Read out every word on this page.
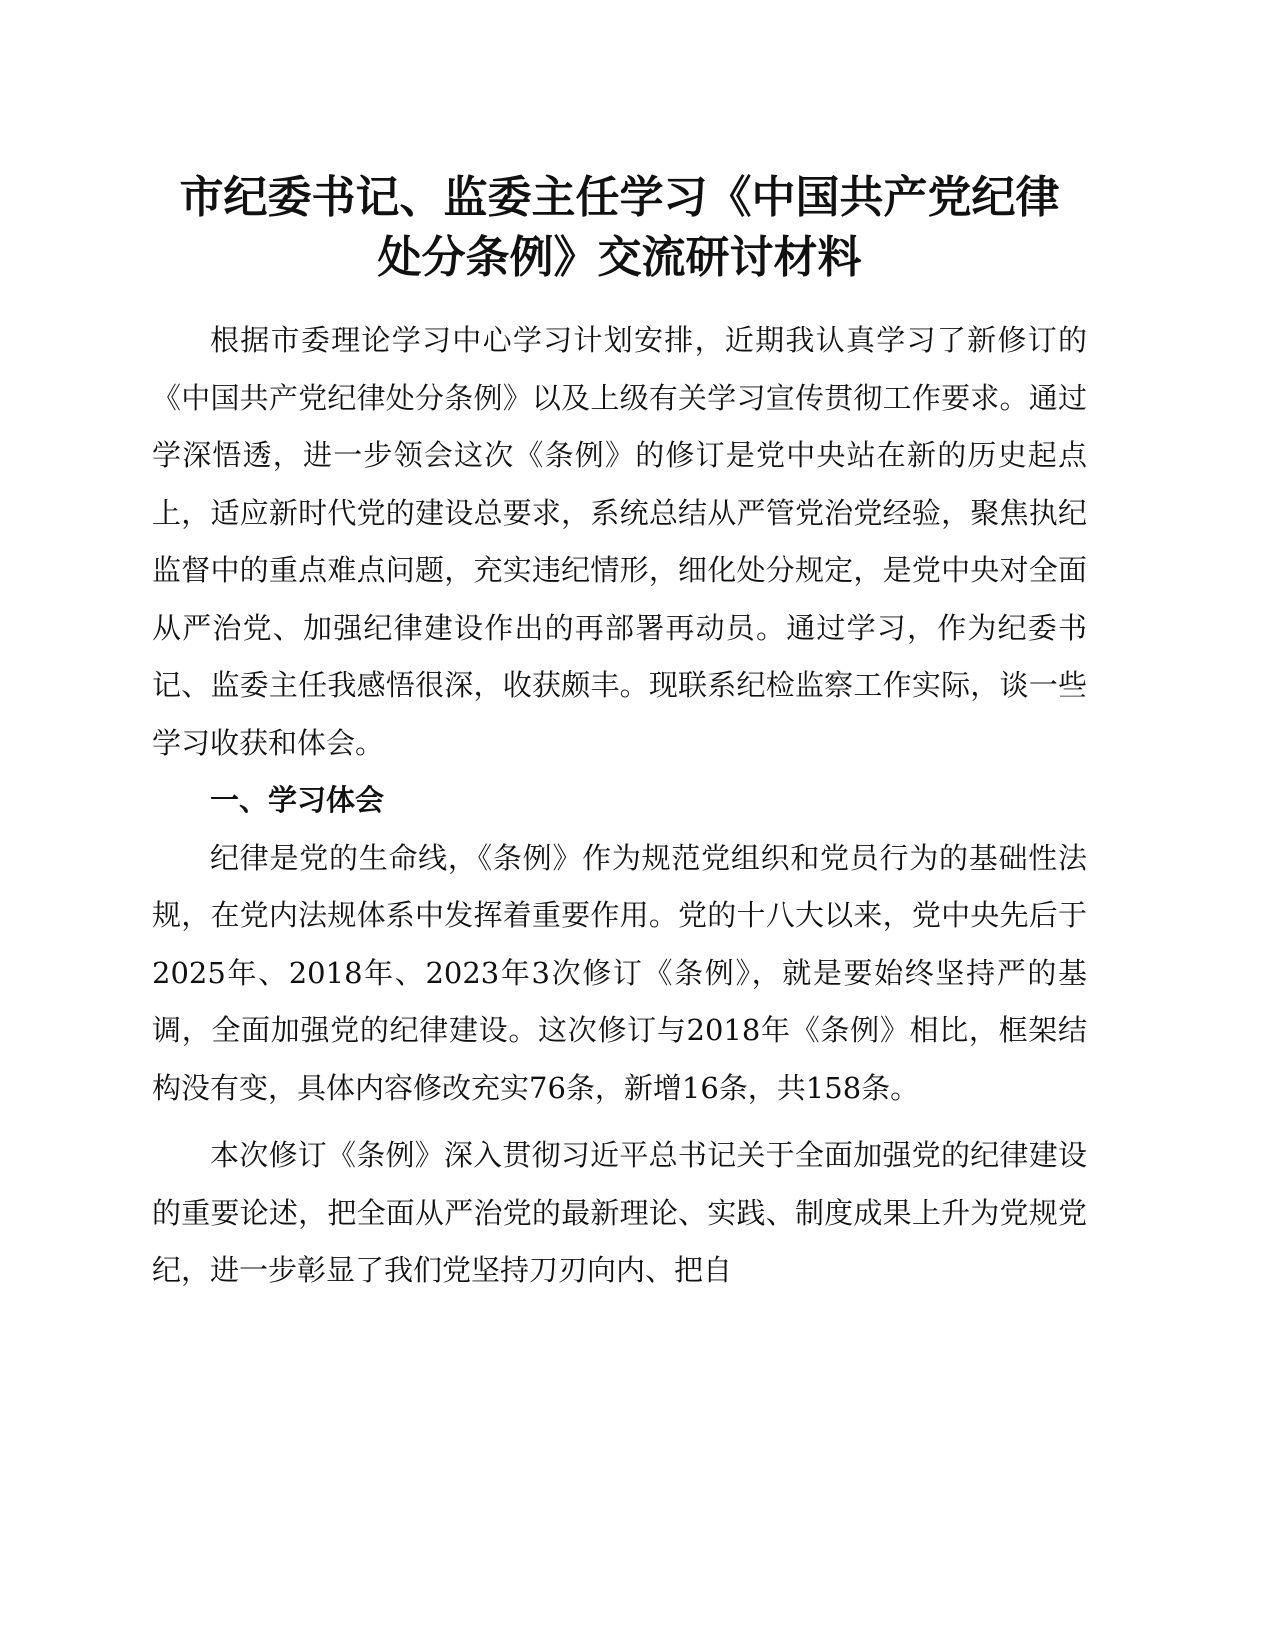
市纪委书记、监委主任学习《中国共产党纪律
处分条例》交流研讨材料

根据市委理论学习中心学习计划安排，近期我认真学习了新修订的《中国共产党纪律处分条例》以及上级有关学习宣传贯彻工作要求。通过学深悟透，进一步领会这次《条例》的修订是党中央站在新的历史起点上，适应新时代党的建设总要求，系统总结从严管党治党经验，聚焦执纪监督中的重点难点问题，充实违纪情形，细化处分规定，是党中央对全面从严治党、加强纪律建设作出的再部署再动员。通过学习，作为纪委书记、监委主任我感悟很深，收获颇丰。现联系纪检监察工作实际，谈一些学习收获和体会。

一、学习体会

纪律是党的生命线，《条例》作为规范党组织和党员行为的基础性法规，在党内法规体系中发挥着重要作用。党的十八大以来，党中央先后于2025年、2018年、2023年3次修订《条例》，就是要始终坚持严的基调，全面加强党的纪律建设。这次修订与2018年《条例》相比，框架结构没有变，具体内容修改充实76条，新增16条，共158条。

本次修订《条例》深入贯彻习近平总书记关于全面加强党的纪律建设的重要论述，把全面从严治党的最新理论、实践、制度成果上升为党规党纪，进一步彰显了我们党坚持刀刃向内、把自
